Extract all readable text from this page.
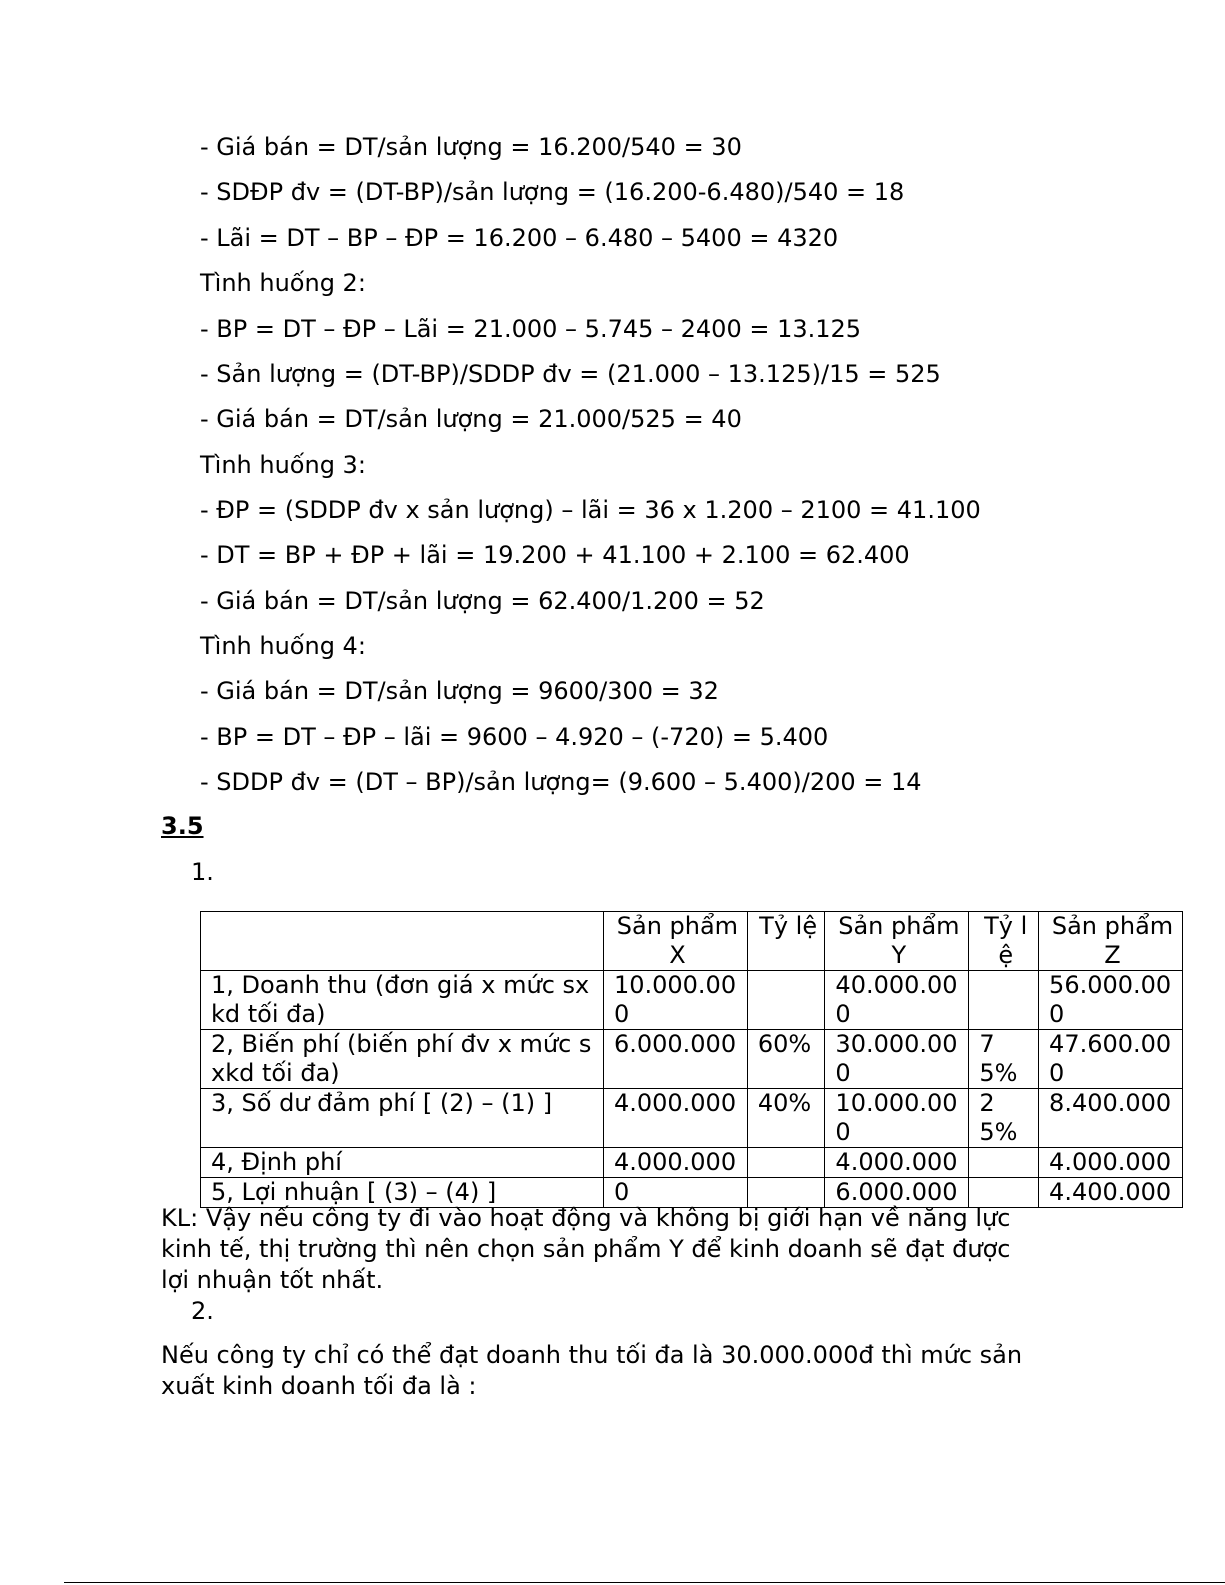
- Giá bán = DT/sản lượng = 16.200/540 = 30
- SDĐP đv = (DT-BP)/sản lượng = (16.200-6.480)/540 = 18
- Lãi = DT – BP – ĐP = 16.200 – 6.480 – 5400 = 4320
Tình huống 2:
- BP = DT – ĐP – Lãi = 21.000 – 5.745 – 2400 = 13.125
- Sản lượng = (DT-BP)/SDDP đv = (21.000 – 13.125)/15 = 525
- Giá bán = DT/sản lượng = 21.000/525 = 40
Tình huống 3:
- ĐP = (SDDP đv x sản lượng) – lãi = 36 x 1.200 – 2100 = 41.100
- DT = BP + ĐP + lãi = 19.200 + 41.100 + 2.100 = 62.400
- Giá bán = DT/sản lượng = 62.400/1.200 = 52
Tình huống 4:
- Giá bán = DT/sản lượng = 9600/300 = 32
- BP = DT – ĐP – lãi = 9600 – 4.920 – (-720) = 5.400
- SDDP đv = (DT – BP)/sản lượng= (9.600 – 5.400)/200 = 14
3.5
1.
	Sản phẩm X	Tỷ lệ	Sản phẩm Y	Tỷ lệ	Sản phẩm Z
1, Doanh thu (đơn giá x mức sxkd tối đa)	10.000.000		40.000.000		56.000.000
2, Biến phí (biến phí đv x mức sxkd tối đa)	6.000.000	60%	30.000.000	75%	47.600.000
3, Số dư đảm phí [ (2) – (1) ]	4.000.000	40%	10.000.000	25%	8.400.000
4, Định phí	4.000.000		4.000.000		4.000.000
5, Lợi nhuận [ (3) – (4) ]	0		6.000.000		4.400.000
KL: Vậy nếu công ty đi vào hoạt động và không bị giới hạn về năng lực kinh tế, thị trường thì nên chọn sản phẩm Y để kinh doanh sẽ đạt được lợi nhuận tốt nhất.
2.
Nếu công ty chỉ có thể đạt doanh thu tối đa là 30.000.000đ thì mức sản xuất kinh doanh tối đa là :
